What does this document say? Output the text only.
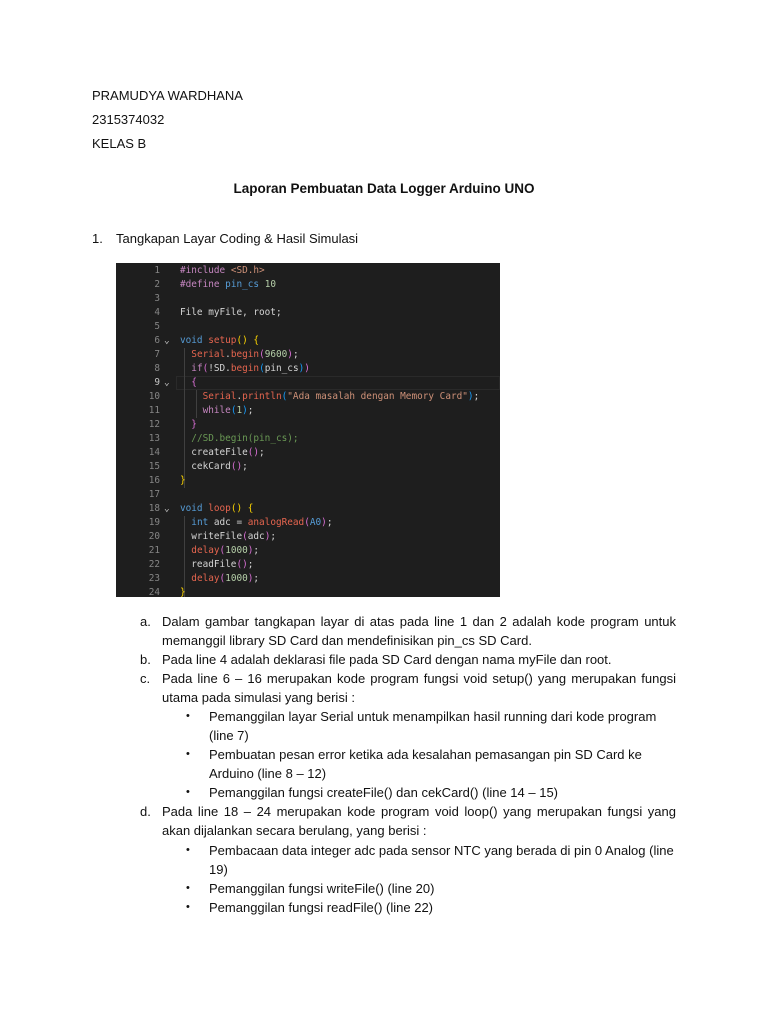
PRAMUDYA WARDHANA
2315374032
KELAS B
Laporan Pembuatan Data Logger Arduino UNO
1. Tangkapan Layar Coding & Hasil Simulasi
1 #include <SD.h>
2 #define pin_cs 10
3
4 File myFile, root;
5
6 ⌄	void setup() {
7	Serial.begin(9600);
8	if(!SD.begin(pin_cs))
9 ⌄	{
10	Serial.println("Ada masalah dengan Memory Card");
11	while(1);
12	}
13	//SD.begin(pin_cs);
14 createFile();
15 cekCard();
16 }
17
18 ⌄	void loop() {
19	int adc = analogRead(A0);
20 writeFile(adc);
21	delay(1000);
22 readFile();
23	delay(1000);
24 }
a. Dalam gambar tangkapan layar di atas pada line 1 dan 2 adalah kode program untuk memanggil library SD Card dan mendefinisikan pin_cs SD Card.
b. Pada line 4 adalah deklarasi file pada SD Card dengan nama myFile dan root.
c. Pada line 6 – 16 merupakan kode program fungsi void setup() yang merupakan fungsi utama pada simulasi yang berisi :
• Pemanggilan layar Serial untuk menampilkan hasil running dari kode program (line 7)
• Pembuatan pesan error ketika ada kesalahan pemasangan pin SD Card ke Arduino (line 8 – 12)
• Pemanggilan fungsi createFile() dan cekCard() (line 14 – 15)
d. Pada line 18 – 24 merupakan kode program void loop() yang merupakan fungsi yang akan dijalankan secara berulang, yang berisi :
• Pembacaan data integer adc pada sensor NTC yang berada di pin 0 Analog (line 19)
• Pemanggilan fungsi writeFile() (line 20)
• Pemanggilan fungsi readFile() (line 22)
